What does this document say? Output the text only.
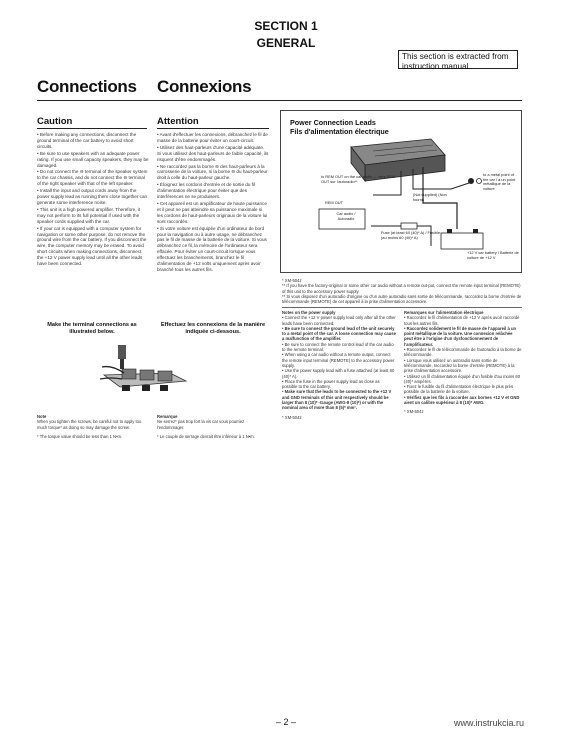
SECTION 1
GENERAL
This section is extracted from instruction manual.
Connections Connexions
Caution	Attention

• Before making any connections, disconnect the ground terminal of the car battery to avoid short circuits.

• Be sure to use speakers with an adequate power rating. If you use small capacity speakers, they may be damaged.

• Do not connect the ⊖ terminal of the speaker system to the car chassis, and do not connect the ⊖ terminal of the right speaker with that of the left speaker.

• Install the input and output cords away from the power supply lead as running them close together can generate some interference noise.

• This unit is a high powered amplifier. Therefore, it may not perform to its full potential if used with the speaker cords supplied with the car.

• If your car is equipped with a computer system for navigation or some other purpose, do not remove the ground wire from the car battery. If you disconnect the wire, the computer memory may be erased. To avoid short circuits when making connections, disconnect the +12 V power supply lead until all the other leads have been connected.

• Avant d'effectuer les connexions, débranchez le fil de masse de la batterie pour éviter un court-circuit.

• Utilisez des haut-parleurs d'une capacité adéquate. Si vous utilisez des haut-parleurs de faible capacité, ils risquent d'être endommagés.

• Ne raccordez pas la borne ⊖ des haut-parleurs à la carrosserie de la voiture, ni la borne ⊖ du haut-parleur droit à celle du haut-parleur gauche.

• Éloignez les cordons d'entrée et de sortie du fil d'alimentation électrique pour éviter que des interférences ne se produisent.

• Cet appareil est un amplificateur de haute puissance et il peut ne pas atteindre sa puissance maximale si les cordons de haut-parleurs originaux de la voiture lui sont raccordés.

• Si votre voiture est équipée d'un ordinateur de bord pour la navigation ou à autre usage, ne débranchez pas le fil de masse de la batterie de la voiture. Si vous débranchez ce fil, la mémoire de l'ordinateur sera effacée. Pour éviter un court-circuit lorsque vous effectuez les branchements, branchez le fil d'alimentation de +12 volts uniquement après avoir branché tous les autres fils.

Make the terminal connections as illustrated below.
Effectuez les connexions de la manière indiquée ci-dessous.
Note
When you tighten the screws, be careful not to apply too much torque* as doing so may damage the screw.
* The torque value should be less than 1 N•m.
Remarque
Ne serrez* pas trop fort la vis car vous pourriez l'endommager.
* Le couple de serrage devrait être inférieur à 1 N•m.
Power Connection Leads
Fils d'alimentation électrique
to REM OUT on the car audio — vers REM OUT sur l'autoradio**
REM OUT
Car audio / Autoradio
(Not supplied) (Non fourni)
to a metal point of the car / à un point métallique de la voiture
Fuse (at least 60 (40)* A) / Fusible (au moins 60 (40)* A)
+12 V car battery / Batterie de voiture de +12 V
* XM-504z
** If you have the factory-original or some other car audio without a remote out-put, connect the remote input terminal (REMOTE) of this unit to the accessory power supply.
** Si vous disposez d'un autoradio d'origine ou d'un autre autoradio sans sortie de télécommande, raccordez la borne d'entrée de télécommande (REMOTE) de cet appareil à la prise d'alimentation accessoire.
Notes on the power supply
• Connect the +12 V power supply lead only after all the other leads have been connected.
• Be sure to connect the ground lead of the unit securely to a metal point of the car. A loose connection may cause a malfunction of the amplifier.
• Be sure to connect the remote control lead of the car audio to the remote terminal.
• When using a car audio without a remote output, connect the remote input terminal (REMOTE) to the accessory power supply.
• Use the power supply lead with a fuse attached (at least 60 (40)* A).
• Place the fuse in the power supply lead as close as possible to the car battery.
• Make sure that the leads to be connected to the +12 V and GND terminals of this unit respectively should be larger than 8 (10)* -Gauge (AWG-8 (10)*) or with the nominal area of more than 8 (5)* mm².
* XM-504z
Remarques sur l'alimentation électrique
• Raccordez le fil d'alimentation de +12 V après avoir raccordé tous les autres fils.
• Raccordez solidement le fil de masse de l'appareil à un point métallique de la voiture. Une connexion relâchée peut être à l'origine d'un dysfonctionnement de l'amplificateur.
• Raccordez le fil de télécommande de l'autoradio à la borne de télécommande.
• Lorsque vous utilisez un autoradio sans sortie de télécommande, raccordez la borne d'entrée (REMOTE) à la prise d'alimentation accessoire.
• Utilisez un fil d'alimentation équipé d'un fusible d'au moins 60 (40)* ampères.
• Fixez le fusible du fil d'alimentation électrique le plus près possible de la batterie de la voiture.
• Vérifiez que les fils à raccorder aux bornes +12 V et GND aient un calibre supérieur à 8 (10)* AWG.
* XM-504z
– 2 –	www.instrukcia.ru
